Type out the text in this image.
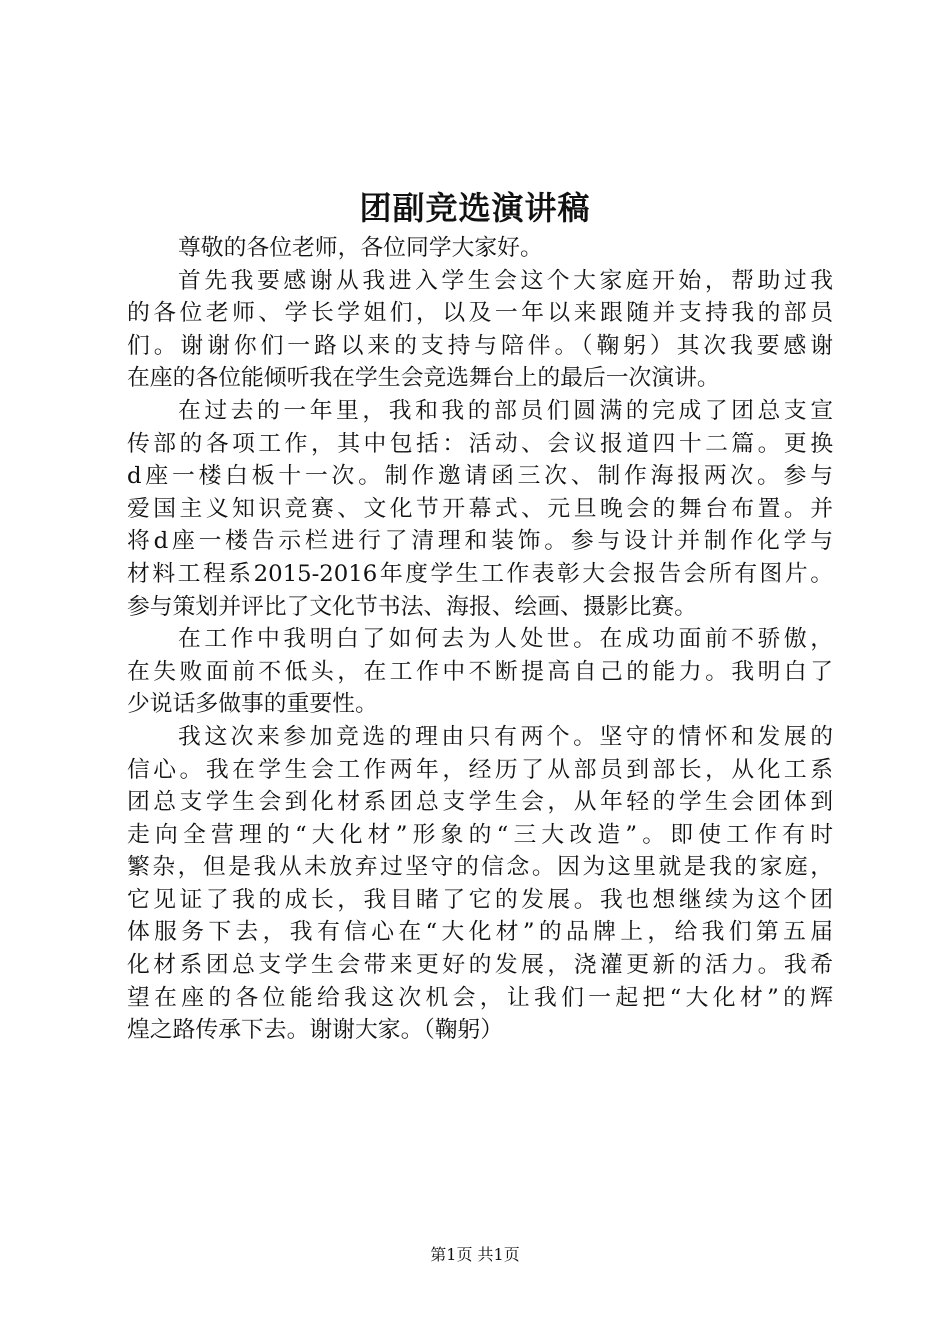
团副竞选演讲稿
尊敬的各位老师，各位同学大家好。
首先我要感谢从我进入学生会这个大家庭开始，帮助过我
的各位老师、学长学姐们，以及一年以来跟随并支持我的部员
们。谢谢你们一路以来的支持与陪伴。（鞠躬）其次我要感谢
在座的各位能倾听我在学生会竞选舞台上的最后一次演讲。
在过去的一年里，我和我的部员们圆满的完成了团总支宣
传部的各项工作，其中包括：活动、会议报道四十二篇。更换
d座一楼白板十一次。制作邀请函三次、制作海报两次。参与
爱国主义知识竞赛、文化节开幕式、元旦晚会的舞台布置。并
将d座一楼告示栏进行了清理和装饰。参与设计并制作化学与
材料工程系2015-2016年度学生工作表彰大会报告会所有图片。
参与策划并评比了文化节书法、海报、绘画、摄影比赛。
在工作中我明白了如何去为人处世。在成功面前不骄傲，
在失败面前不低头，在工作中不断提高自己的能力。我明白了
少说话多做事的重要性。
我这次来参加竞选的理由只有两个。坚守的情怀和发展的
信心。我在学生会工作两年，经历了从部员到部长，从化工系
团总支学生会到化材系团总支学生会，从年轻的学生会团体到
走向全营理的“大化材”形象的“三大改造”。即使工作有时
繁杂，但是我从未放弃过坚守的信念。因为这里就是我的家庭，
它见证了我的成长，我目睹了它的发展。我也想继续为这个团
体服务下去，我有信心在“大化材”的品牌上，给我们第五届
化材系团总支学生会带来更好的发展，浇灌更新的活力。我希
望在座的各位能给我这次机会，让我们一起把“大化材”的辉
煌之路传承下去。谢谢大家。（鞠躬）
第1页 共1页
